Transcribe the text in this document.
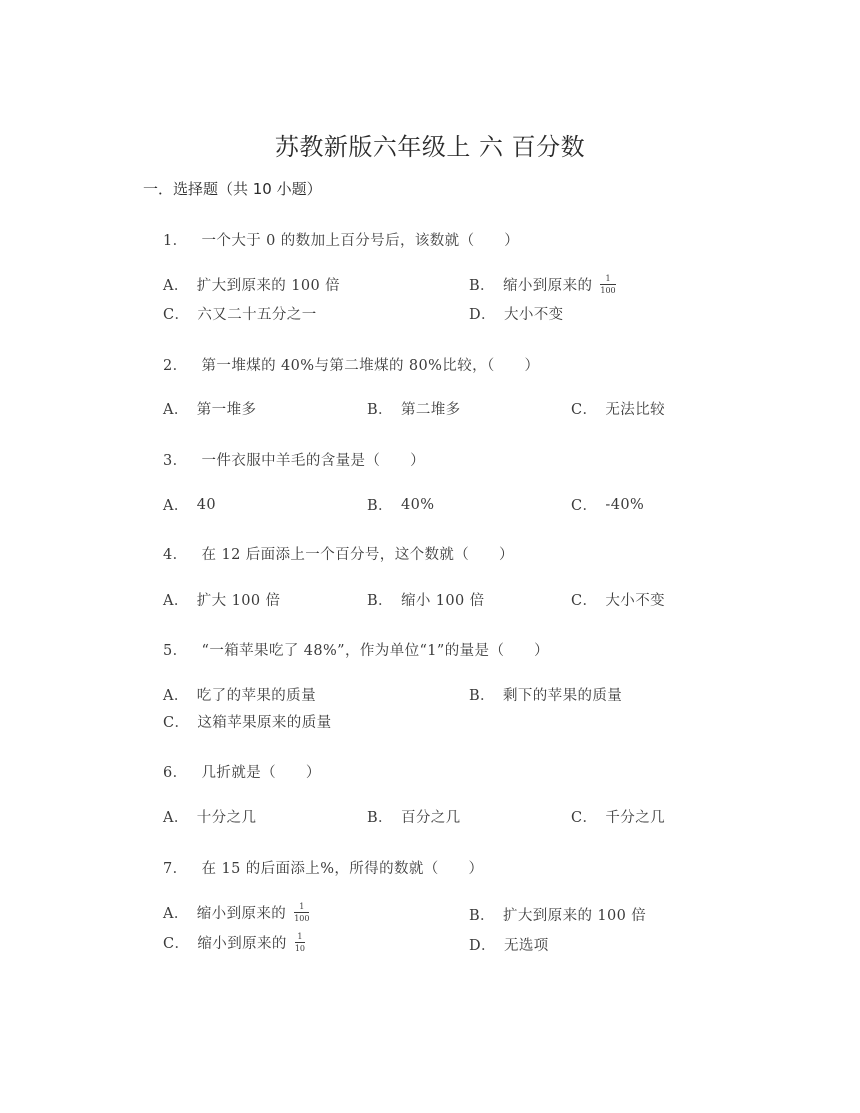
苏教新版六年级上 六 百分数
一．选择题（共 10 小题）
1． 一个大于 0 的数加上百分号后，该数就（　　）
A． 扩大到原来的 100 倍	B． 缩小到原来的 $\frac{1}{100}$
C． 六又二十五分之一	D． 大小不变
2． 第一堆煤的 40%与第二堆煤的 80%比较，（　　）
A． 第一堆多	B． 第二堆多	C． 无法比较
3． 一件衣服中羊毛的含量是（　　）
A． 40	B． 40%	C． -40%
4． 在 12 后面添上一个百分号，这个数就（　　）
A． 扩大 100 倍	B． 缩小 100 倍	C． 大小不变
5． “一箱苹果吃了 48%”，作为单位“1”的量是（　　）
A． 吃了的苹果的质量	B． 剩下的苹果的质量
C． 这箱苹果原来的质量
6． 几折就是（　　）
A． 十分之几	B． 百分之几	C． 千分之几
7． 在 15 的后面添上%，所得的数就（　　）
A． 缩小到原来的 $\frac{1}{100}$	B． 扩大到原来的 100 倍
C． 缩小到原来的 $\frac{1}{10}$	D． 无选项
